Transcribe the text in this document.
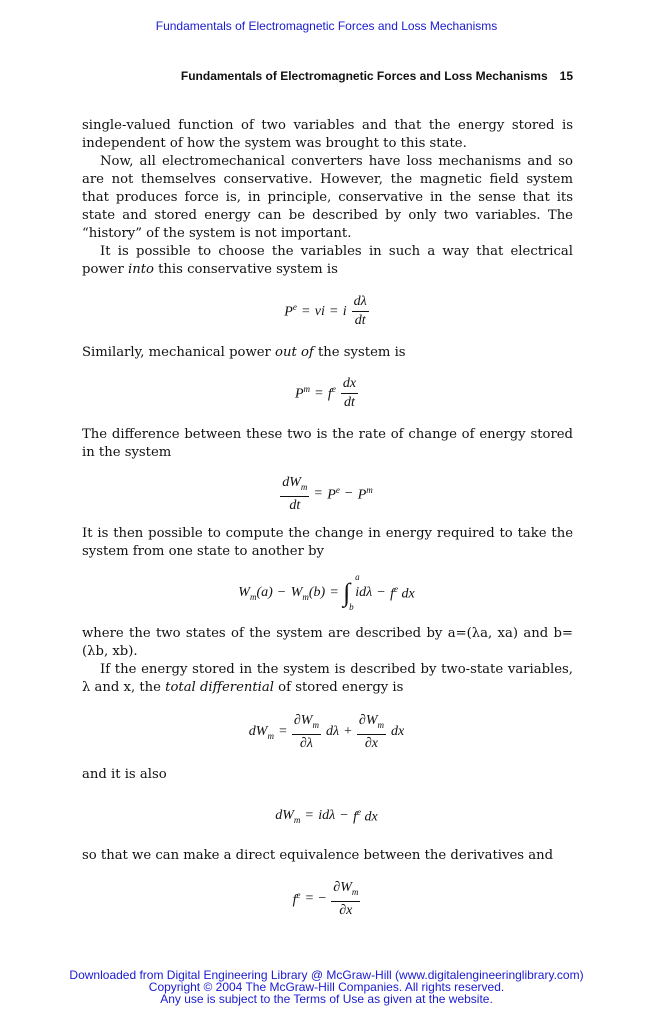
Fundamentals of Electromagnetic Forces and Loss Mechanisms
Fundamentals of Electromagnetic Forces and Loss Mechanisms 15

single-valued function of two variables and that the energy stored is independent of how the system was brought to this state.

Now, all electromechanical converters have loss mechanisms and so are not themselves conservative. However, the magnetic field system that produces force is, in principle, conservative in the sense that its state and stored energy can be described by only two variables. The “history” of the system is not important.

It is possible to choose the variables in such a way that electrical power into this conservative system is

$P^e$ = vi = i $\frac{d\lambda}{dt}$

Similarly, mechanical power out of the system is

$P^m = f^e \frac{dx}{dt}$

The difference between these two is the rate of change of energy stored in the system

$\frac{dW_m}{dt} = P^e - P^m$

It is then possible to compute the change in energy required to take the system from one state to another by

$W_m(a) - W_m(b)$ = ∫
a
b
$id\lambda - f^e$ dx

where the two states of the system are described by a=(λa, xa) and b=(λb, xb).

If the energy stored in the system is described by two-state variables, λ and x, the total differential of stored energy is

$dW_m = \frac{\partial W_m}{\partial\lambda}$ $d\lambda + \frac{\partial W_m}{\partial x}$ dx

and it is also

$dW_m = id\lambda - f^e$ dx

so that we can make a direct equivalence between the derivatives and

$f^e$ = − $\frac{\partial W_m}{\partial x}$
Downloaded from Digital Engineering Library @ McGraw-Hill (www.digitalengineeringlibrary.com)
Copyright © 2004 The McGraw-Hill Companies. All rights reserved.
Any use is subject to the Terms of Use as given at the website.
